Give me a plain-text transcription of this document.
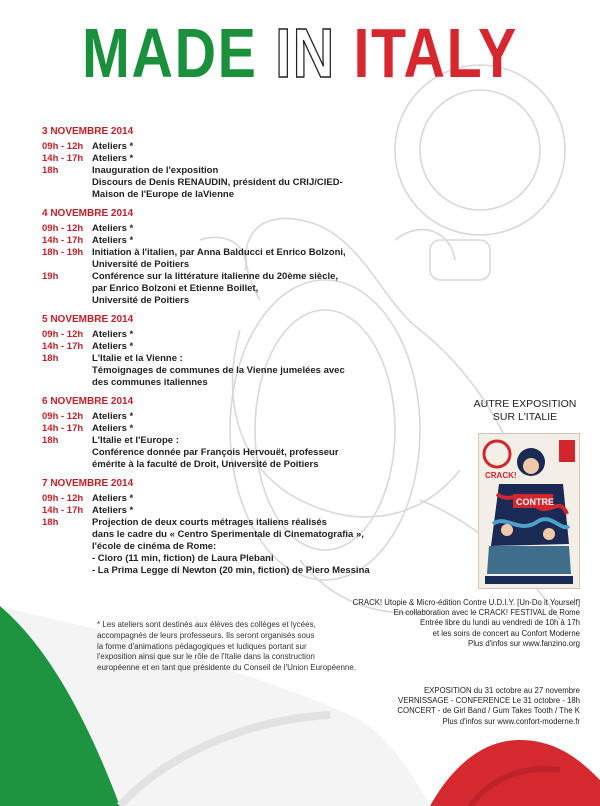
MADE IN ITALY
3 NOVEMBRE 2014
09h - 12h Ateliers *
14h - 17h Ateliers *
18h	Inauguration de l'exposition
Discours de Denis RENAUDIN, président du CRIJ/CIED-
Maison de l'Europe de laVienne
4 NOVEMBRE 2014
09h - 12h Ateliers *
14h - 17h Ateliers *
18h - 19h Initiation à l'italien, par Anna Balducci et Enrico Bolzoni,
Université de Poitiers
19h	Conférence sur la littérature italienne du 20ème siècle,
par Enrico Bolzoni et Etienne Boillet,
Université de Poitiers
5 NOVEMBRE 2014
09h - 12h Ateliers *
14h - 17h Ateliers *
18h	L'Italie et la Vienne :
Témoignages de communes de la Vienne jumelées avec
des communes italiennes
6 NOVEMBRE 2014
09h - 12h Ateliers *
14h - 17h Ateliers *
18h	L'Italie et l'Europe :
Conférence donnée par François Hervouët, professeur
émérite à la faculté de Droit, Université de Poitiers
7 NOVEMBRE 2014
09h - 12h Ateliers *
14h - 17h Ateliers *
18h	Projection de deux courts métrages italiens réalisés
dans le cadre du « Centro Sperimentale di Cinematografia »,
l'école de cinéma de Rome:
- Cloro (11 min, fiction) de Laura Plebani
- La Prima Legge di Newton (20 min, fiction) de Piero Messina
* Les ateliers sont destinés aux élèves des collèges et lycées,
accompagnés de leurs professeurs. Ils seront organisés sous
la forme d'animations pédagogiques et ludiques portant sur
l'exposition ainsi que sur le rôle de l'Italie dans la construction
européenne et en tant que présidente du Conseil de l'Union Européenne.
AUTRE EXPOSITION
SUR L'ITALIE
CRACK!
CONTRE
CRACK! Utopie & Micro-édition Contre U.D.I.Y. [Un-Do it Yourself]
En collaboration avec le CRACK! FESTIVAL de Rome
Entrée libre du lundi au vendredi de 10h à 17h
et les soirs de concert au Confort Moderne
Plus d'infos sur www.fanzino.org
EXPOSITION du 31 octobre au 27 novembre
VERNISSAGE - CONFERENCE Le 31 octobre - 18h
CONCERT - de Girl Band / Gum Takes Tooth / The K
Plus d'infos sur www.confort-moderne.fr
